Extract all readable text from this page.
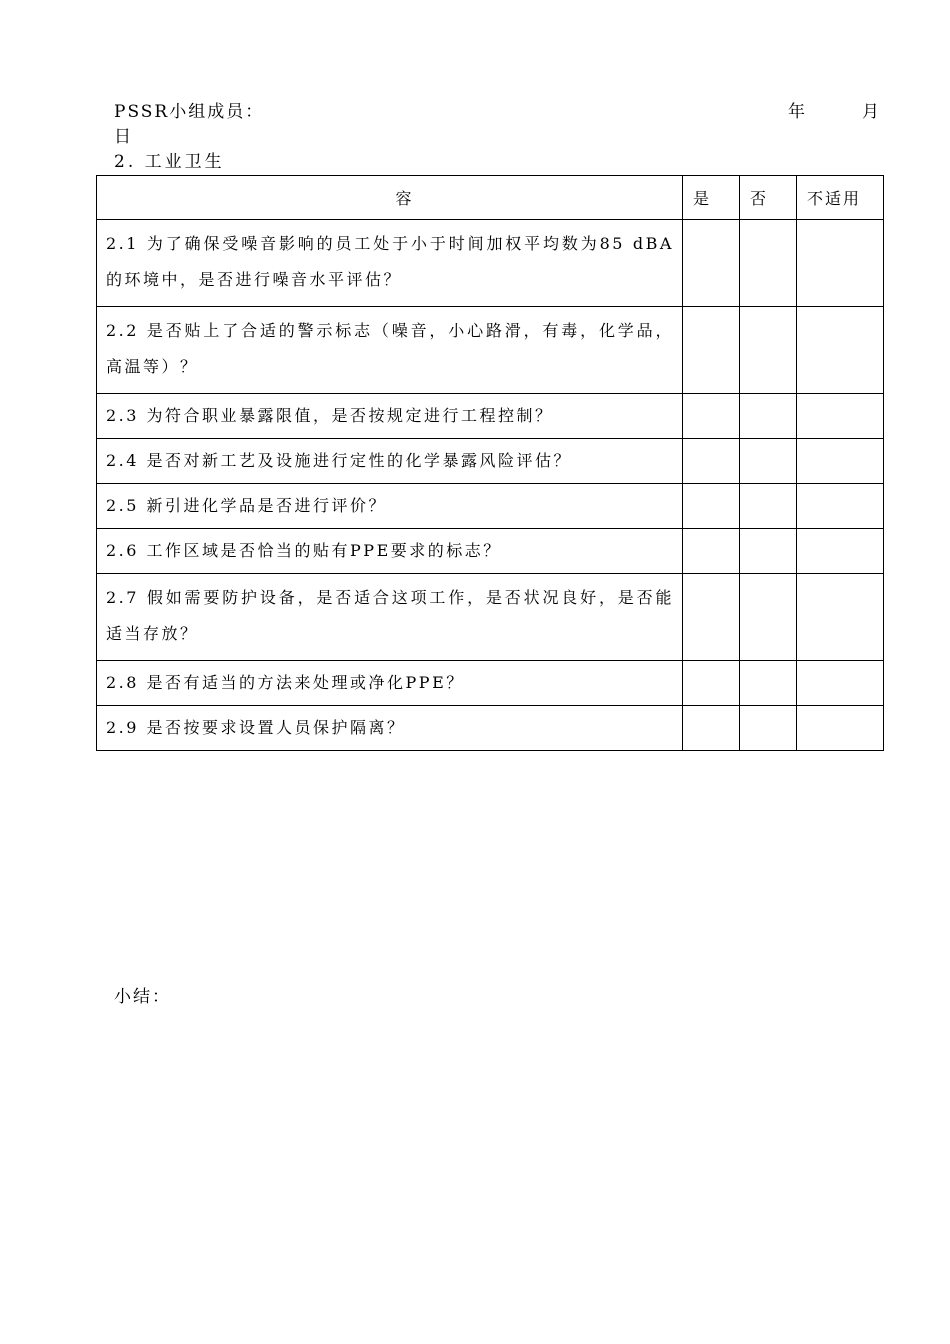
PSSR小组成员：	年	月
日
2. 工业卫生
容	是	否	不适用
2.1 为了确保受噪音影响的员工处于小于时间加权平均数为85 dBA的环境中，是否进行噪音水平评估？			
2.2 是否贴上了合适的警示标志（噪音，小心路滑，有毒，化学品，高温等）？			
2.3 为符合职业暴露限值，是否按规定进行工程控制？			
2.4 是否对新工艺及设施进行定性的化学暴露风险评估？			
2.5 新引进化学品是否进行评价？			
2.6 工作区域是否恰当的贴有PPE要求的标志？			
2.7 假如需要防护设备，是否适合这项工作，是否状况良好，是否能适当存放？			
2.8 是否有适当的方法来处理或净化PPE？			
2.9 是否按要求设置人员保护隔离？			
小结：
